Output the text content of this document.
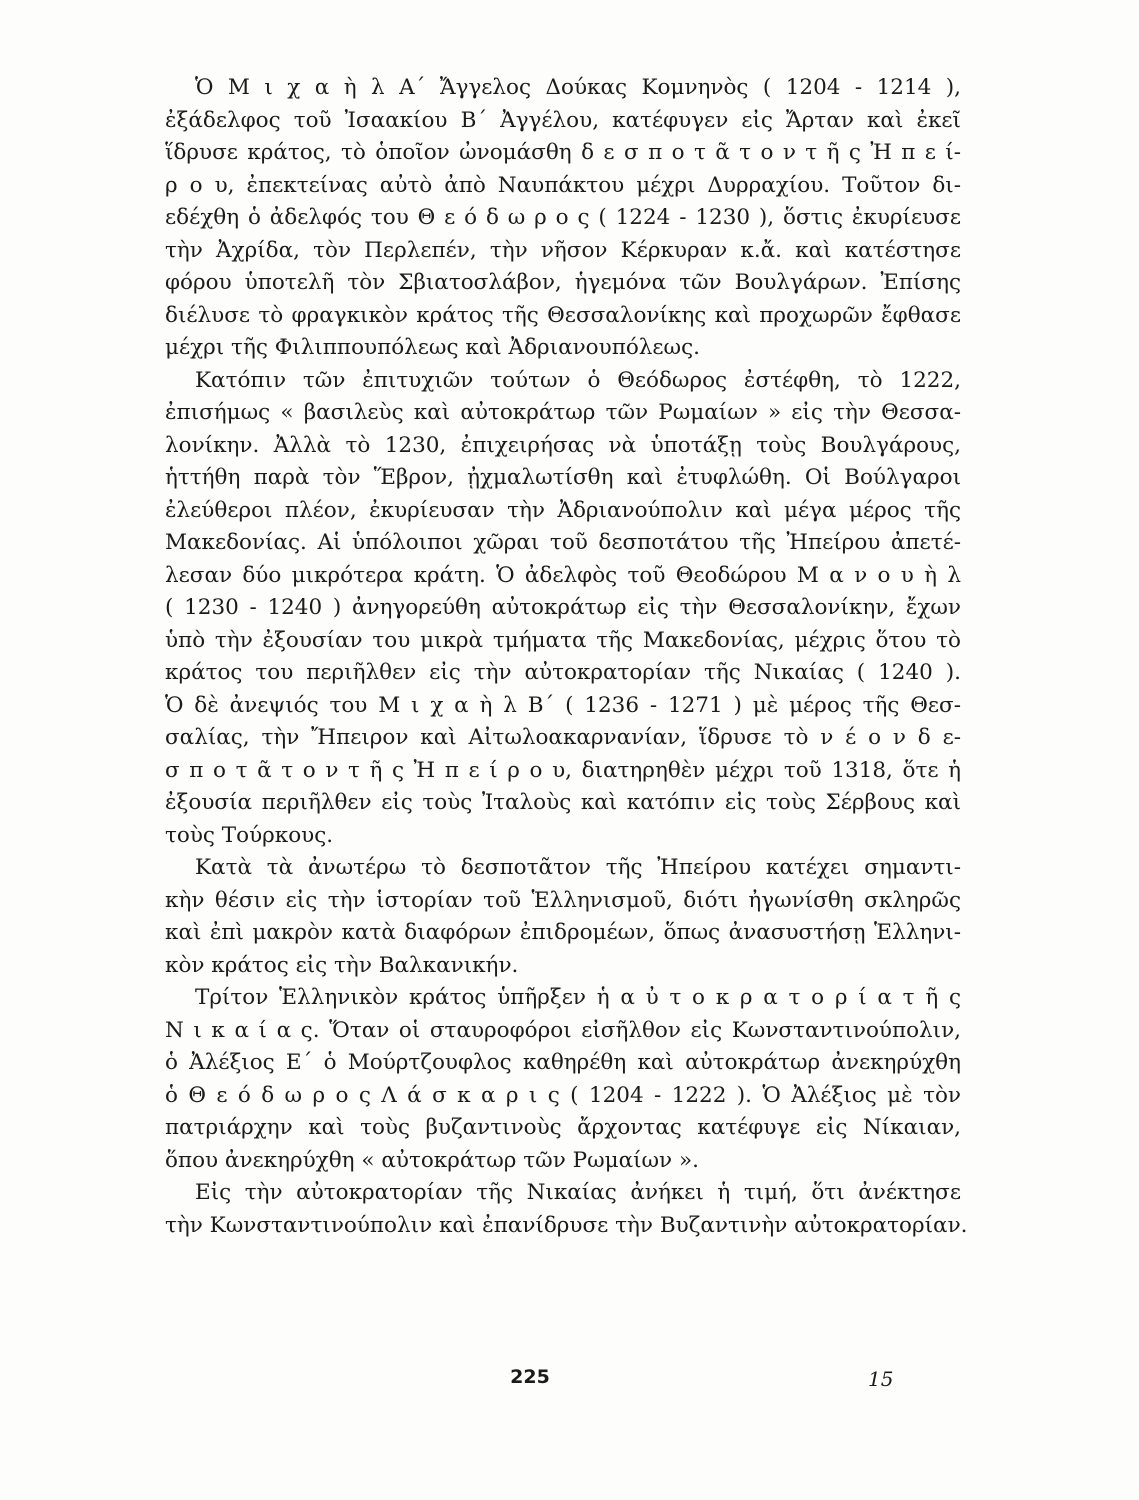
Ὁ Μ ι χ α ὴ λ Α΄ Ἄγγελος Δούκας Κομνηνὸς ( 1204 - 1214 ),
ἐξάδελφος τοῦ Ἰσαακίου Β΄ Ἀγγέλου, κατέφυγεν εἰς Ἄρταν καὶ ἐκεῖ
ἵδρυσε κράτος, τὸ ὁποῖον ὠνομάσθη δ ε σ π ο τ ᾶ τ ο ν τ ῆ ς Ἠ π ε ί-
ρ ο υ, ἐπεκτείνας αὐτὸ ἀπὸ Ναυπάκτου μέχρι Δυρραχίου. Τοῦτον δι-
εδέχθη ὁ ἀδελφός του Θ ε ό δ ω ρ ο ς ( 1224 - 1230 ), ὅστις ἐκυρίευσε
τὴν Ἀχρίδα, τὸν Περλεπέν, τὴν νῆσον Κέρκυραν κ.ἄ. καὶ κατέστησε
φόρου ὑποτελῆ τὸν Σβιατοσλάβον, ἡγεμόνα τῶν Βουλγάρων. Ἐπίσης
διέλυσε τὸ φραγκικὸν κράτος τῆς Θεσσαλονίκης καὶ προχωρῶν ἔφθασε
μέχρι τῆς Φιλιππουπόλεως καὶ Ἀδριανουπόλεως.
Κατόπιν τῶν ἐπιτυχιῶν τούτων ὁ Θεόδωρος ἐστέφθη, τὸ 1222,
ἐπισήμως « βασιλεὺς καὶ αὐτοκράτωρ τῶν Ρωμαίων » εἰς τὴν Θεσσα-
λονίκην. Ἀλλὰ τὸ 1230, ἐπιχειρήσας νὰ ὑποτάξῃ τοὺς Βουλγάρους,
ἡττήθη παρὰ τὸν Ἕβρον, ᾐχμαλωτίσθη καὶ ἐτυφλώθη. Οἱ Βούλγαροι
ἐλεύθεροι πλέον, ἐκυρίευσαν τὴν Ἀδριανούπολιν καὶ μέγα μέρος τῆς
Μακεδονίας. Αἱ ὑπόλοιποι χῶραι τοῦ δεσποτάτου τῆς Ἠπείρου ἀπετέ-
λεσαν δύο μικρότερα κράτη. Ὁ ἀδελφὸς τοῦ Θεοδώρου Μ α ν ο υ ὴ λ
( 1230 - 1240 ) ἀνηγορεύθη αὐτοκράτωρ εἰς τὴν Θεσσαλονίκην, ἔχων
ὑπὸ τὴν ἐξουσίαν του μικρὰ τμήματα τῆς Μακεδονίας, μέχρις ὅτου τὸ
κράτος του περιῆλθεν εἰς τὴν αὐτοκρατορίαν τῆς Νικαίας ( 1240 ).
Ὁ δὲ ἀνεψιός του Μ ι χ α ὴ λ Β΄ ( 1236 - 1271 ) μὲ μέρος τῆς Θεσ-
σαλίας, τὴν Ἤπειρον καὶ Αἰτωλοακαρνανίαν, ἵδρυσε τὸ ν έ ο ν δ ε-
σ π ο τ ᾶ τ ο ν τ ῆ ς Ἠ π ε ί ρ ο υ, διατηρηθὲν μέχρι τοῦ 1318, ὅτε ἡ
ἐξουσία περιῆλθεν εἰς τοὺς Ἰταλοὺς καὶ κατόπιν εἰς τοὺς Σέρβους καὶ
τοὺς Τούρκους.
Κατὰ τὰ ἀνωτέρω τὸ δεσποτᾶτον τῆς Ἠπείρου κατέχει σημαντι-
κὴν θέσιν εἰς τὴν ἱστορίαν τοῦ Ἑλληνισμοῦ, διότι ἠγωνίσθη σκληρῶς
καὶ ἐπὶ μακρὸν κατὰ διαφόρων ἐπιδρομέων, ὅπως ἀνασυστήσῃ Ἑλληνι-
κὸν κράτος εἰς τὴν Βαλκανικήν.
Τρίτον Ἑλληνικὸν κράτος ὑπῆρξεν ἡ α ὐ τ ο κ ρ α τ ο ρ ί α τ ῆ ς
Ν ι κ α ί α ς. Ὅταν οἱ σταυροφόροι εἰσῆλθον εἰς Κωνσταντινούπολιν,
ὁ Ἀλέξιος Ε΄ ὁ Μούρτζουφλος καθηρέθη καὶ αὐτοκράτωρ ἀνεκηρύχθη
ὁ Θ ε ό δ ω ρ ο ς Λ ά σ κ α ρ ι ς ( 1204 - 1222 ). Ὁ Ἀλέξιος μὲ τὸν
πατριάρχην καὶ τοὺς βυζαντινοὺς ἄρχοντας κατέφυγε εἰς Νίκαιαν,
ὅπου ἀνεκηρύχθη « αὐτοκράτωρ τῶν Ρωμαίων ».
Εἰς τὴν αὐτοκρατορίαν τῆς Νικαίας ἀνήκει ἡ τιμή, ὅτι ἀνέκτησε
τὴν Κωνσταντινούπολιν καὶ ἐπανίδρυσε τὴν Βυζαντινὴν αὐτοκρατορίαν.
225	15
